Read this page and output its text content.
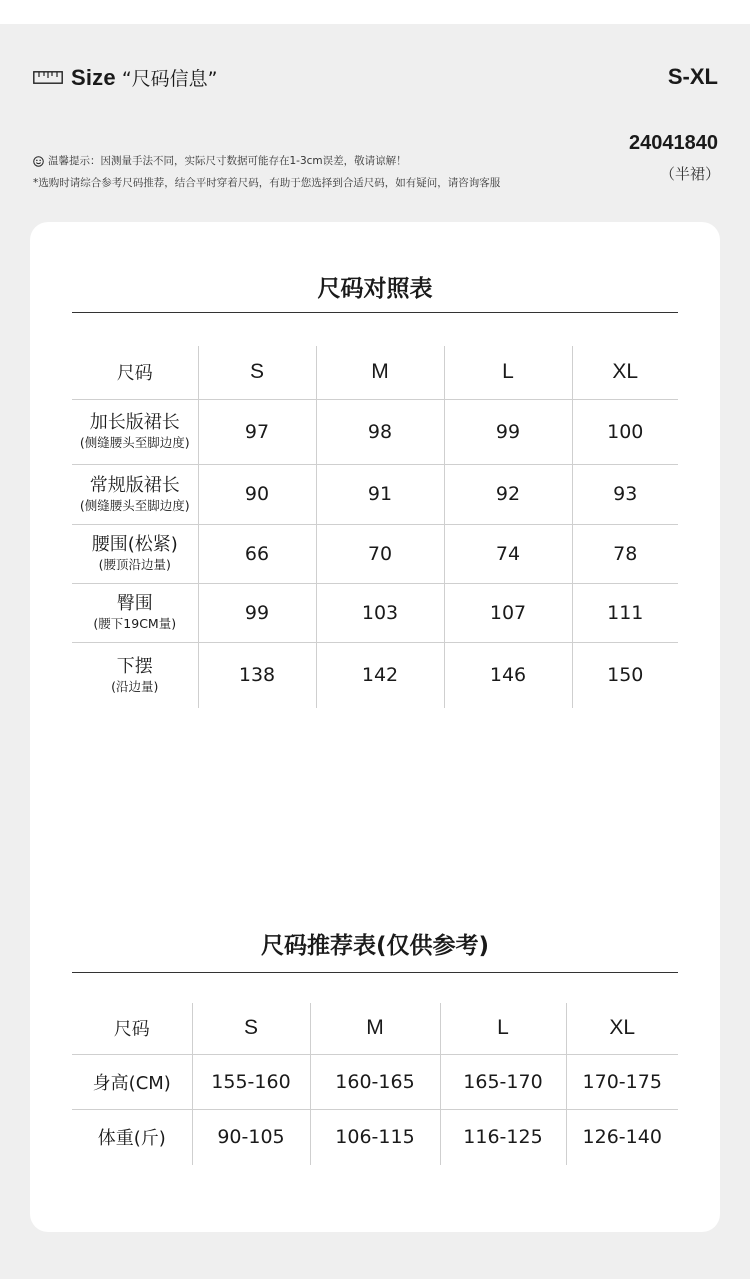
Size “尺码信息”	S-XL
温馨提示：因测量手法不同，实际尺寸数据可能存在1-3cm误差，敬请谅解！
*选购时请综合参考尺码推荐，结合平时穿着尺码，有助于您选择到合适尺码，如有疑问，请咨询客服
24041840
（半裙）
尺码对照表
尺码	S	M	L	XL

加长版裙长
(侧缝腰头至脚边度)	97	98	99	100

常规版裙长
(侧缝腰头至脚边度)	90	91	92	93

腰围(松紧)
(腰顶沿边量)	66	70	74	78

臀围
(腰下19CM量)	99	103	107	111

下摆
(沿边量)	138	142	146	150
尺码推荐表(仅供参考)
尺码	S	M	L	XL
身高(CM)	155-160	160-165	165-170	170-175
体重(斤)	90-105	106-115	116-125	126-140
